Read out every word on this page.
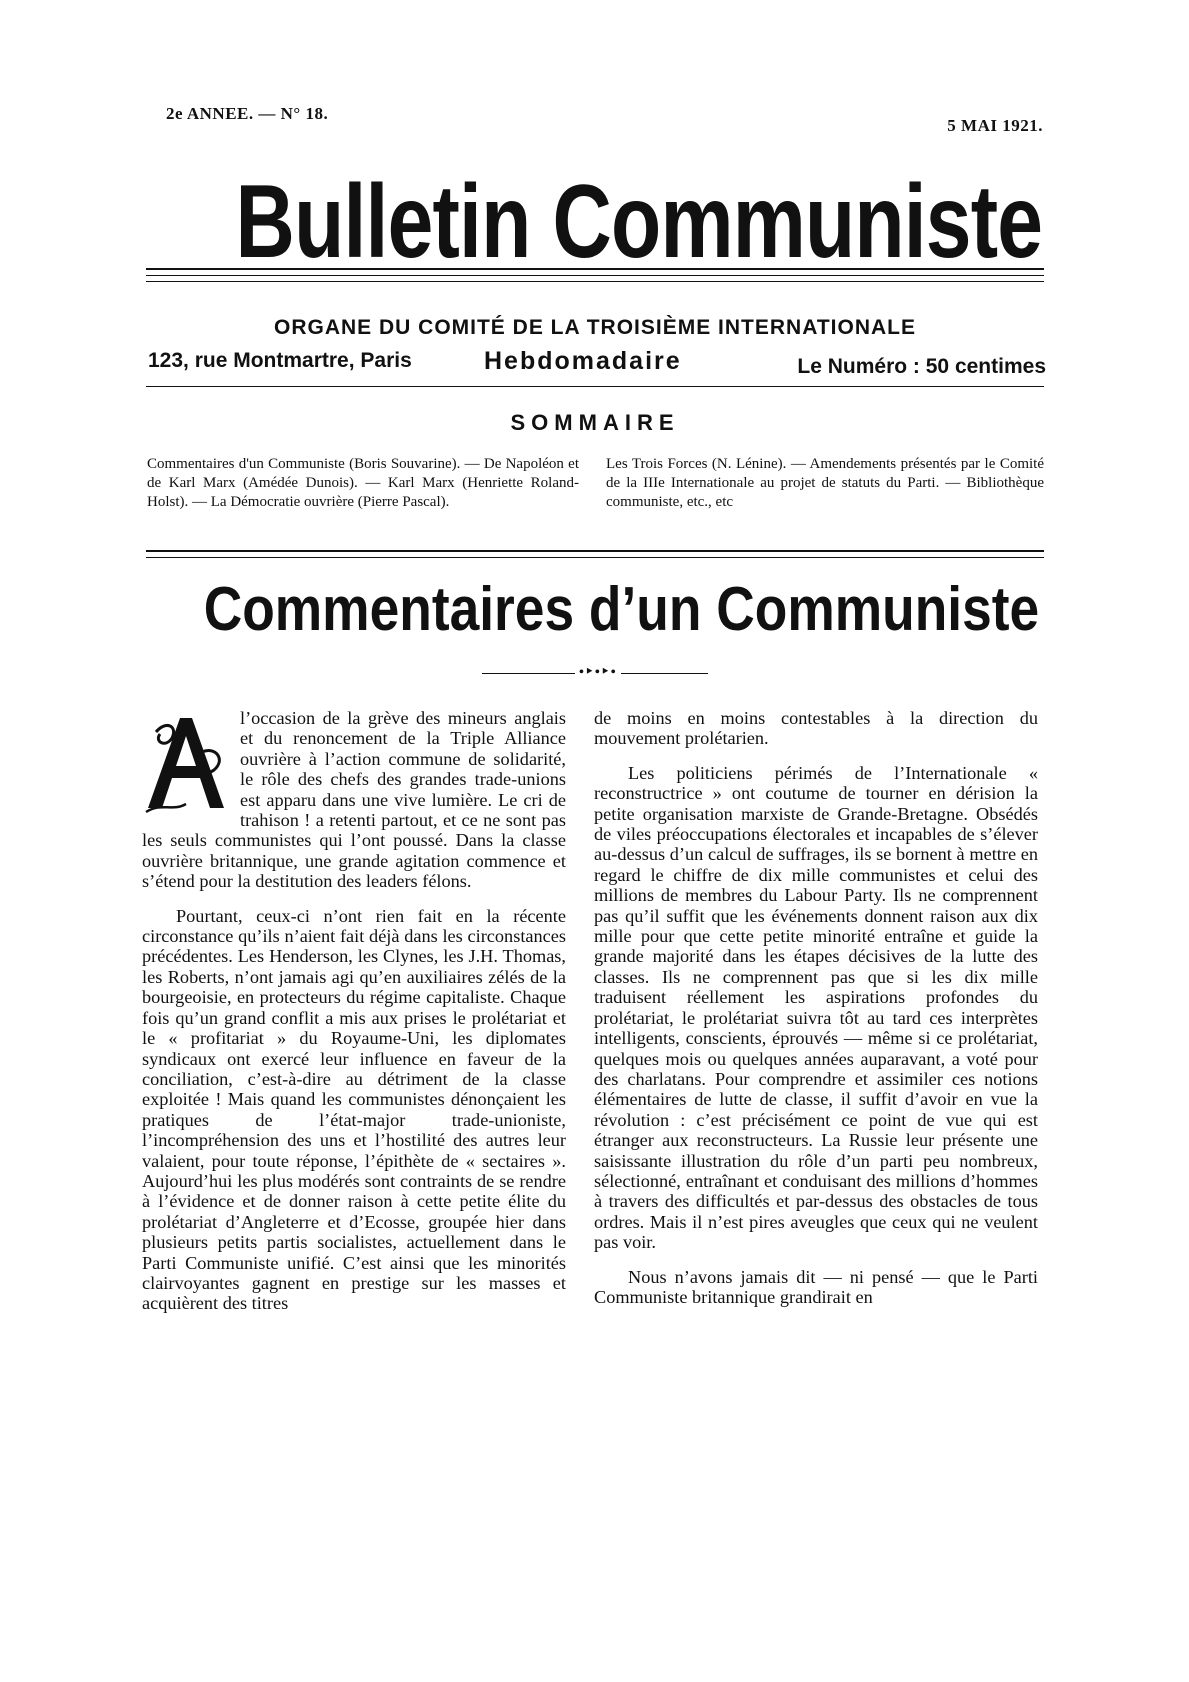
2e ANNEE. — N° 18.
5 MAI 1921.
Bulletin Communiste
ORGANE DU COMITÉ DE LA TROISIÈME INTERNATIONALE
123, rue Montmartre, Paris	Hebdomadaire	Le Numéro : 50 centimes
SOMMAIRE
Commentaires d'un Communiste (Boris Souvarine). — De Napoléon et de Karl Marx (Amédée Dunois). — Karl Marx (Henriette Roland-Holst). — La Démocratie ouvrière (Pierre Pascal).
Les Trois Forces (N. Lénine). — Amendements présentés par le Comité de la IIIe Internationale au projet de statuts du Parti. — Bibliothèque communiste, etc., etc
Commentaires d’un Communiste
•‣•‣•

l’occasion de la grève des mineurs anglais et du renoncement de la Triple Alliance ouvrière à l’action commune de solidarité, le rôle des chefs des grandes trade-unions est apparu dans une vive lumière. Le cri de trahison ! a retenti partout, et ce ne sont pas les seuls communistes qui l’ont poussé. Dans la classe ouvrière britannique, une grande agitation commence et s’étend pour la destitution des leaders félons.

Pourtant, ceux-ci n’ont rien fait en la récente circonstance qu’ils n’aient fait déjà dans les circonstances précédentes. Les Henderson, les Clynes, les J.H. Thomas, les Roberts, n’ont jamais agi qu’en auxiliaires zélés de la bourgeoisie, en protecteurs du régime capitaliste. Chaque fois qu’un grand conflit a mis aux prises le prolétariat et le « profitariat » du Royaume-Uni, les diplomates syndicaux ont exercé leur influence en faveur de la conciliation, c’est-à-dire au détriment de la classe exploitée ! Mais quand les communistes dénonçaient les pratiques de l’état-major trade-unioniste, l’incompréhension des uns et l’hostilité des autres leur valaient, pour toute réponse, l’épithète de « sectaires ». Aujourd’hui les plus modérés sont contraints de se rendre à l’évidence et de donner raison à cette petite élite du prolétariat d’Angleterre et d’Ecosse, groupée hier dans plusieurs petits partis socialistes, actuellement dans le Parti Communiste unifié. C’est ainsi que les minorités clairvoyantes gagnent en prestige sur les masses et acquièrent des titres

de moins en moins contestables à la direction du mouvement prolétarien.

Les politiciens périmés de l’Internationale « reconstructrice » ont coutume de tourner en dérision la petite organisation marxiste de Grande-Bretagne. Obsédés de viles préoccupations électorales et incapables de s’élever au-dessus d’un calcul de suffrages, ils se bornent à mettre en regard le chiffre de dix mille communistes et celui des millions de membres du Labour Party. Ils ne comprennent pas qu’il suffit que les événements donnent raison aux dix mille pour que cette petite minorité entraîne et guide la grande majorité dans les étapes décisives de la lutte des classes. Ils ne comprennent pas que si les dix mille traduisent réellement les aspirations profondes du prolétariat, le prolétariat suivra tôt au tard ces interprètes intelligents, conscients, éprouvés — même si ce prolétariat, quelques mois ou quelques années auparavant, a voté pour des charlatans. Pour comprendre et assimiler ces notions élémentaires de lutte de classe, il suffit d’avoir en vue la révolution : c’est précisément ce point de vue qui est étranger aux reconstructeurs. La Russie leur présente une saisissante illustration du rôle d’un parti peu nombreux, sélectionné, entraînant et conduisant des millions d’hommes à travers des difficultés et par-dessus des obstacles de tous ordres. Mais il n’est pires aveugles que ceux qui ne veulent pas voir.

Nous n’avons jamais dit — ni pensé — que le Parti Communiste britannique grandirait en
